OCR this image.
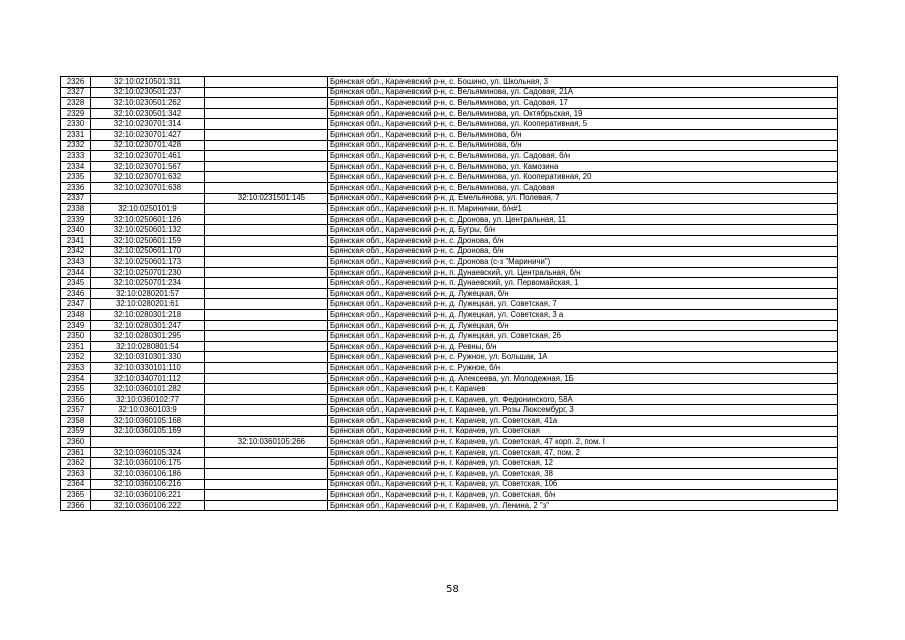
2326	32:10:0210501:311		Брянская обл., Карачевский р-н, с. Бошино, ул. Школьная, 3
2327	32:10:0230501:237		Брянская обл., Карачевский р-н, с. Вельяминова, ул. Садовая, 21А
2328	32:10:0230501:262		Брянская обл., Карачевский р-н, с. Вельяминова, ул. Садовая, 17
2329	32:10:0230501:342		Брянская обл., Карачевский р-н, с. Вельяминова, ул. Октябрьская, 19
2330	32:10:0230701:314		Брянская обл., Карачевский р-н, с. Вельяминова, ул. Кооперативная, 5
2331	32:10:0230701:427		Брянская обл., Карачевский р-н, с. Вельяминова, б/н
2332	32:10:0230701:428		Брянская обл., Карачевский р-н, с. Вельяминова, б/н
2333	32:10:0230701:461		Брянская обл., Карачевский р-н, с. Вельяминова, ул. Садовая, б/н
2334	32:10:0230701:567		Брянская обл., Карачевский р-н, с. Вельяминова, ул. Камозина
2335	32:10:0230701:632		Брянская обл., Карачевский р-н, с. Вельяминова, ул. Кооперативная, 20
2336	32:10:0230701:638		Брянская обл., Карачевский р-н, с. Вельяминова, ул. Садовая
2337		32:10:0231501:145	Брянская обл., Карачевский р-н, д. Емельянова, ул. Полевая, 7
2338	32:10:0250101:9		Брянская обл., Карачевский р-н, п. Маринички, б/н#1
2339	32:10:0250601:126		Брянская обл., Карачевский р-н, с. Дронова, ул. Центральная, 11
2340	32:10:0250601:132		Брянская обл., Карачевский р-н, д. Бугры, б/н
2341	32:10:0250601:159		Брянская обл., Карачевский р-н, с. Дронова, б/н
2342	32:10:0250601:170		Брянская обл., Карачевский р-н, с. Дронова, б/н
2343	32:10:0250601:173		Брянская обл., Карачевский р-н, с. Дронова (с-з "Мариничи")
2344	32:10:0250701:230		Брянская обл., Карачевский р-н, п. Дунаевский, ул. Центральная, б/н
2345	32:10:0250701:234		Брянская обл., Карачевский р-н, п. Дунаевский, ул. Первомайская, 1
2346	32:10:0280201:57		Брянская обл., Карачевский р-н, д. Лужецкая, б/н
2347	32:10:0280201:61		Брянская обл., Карачевский р-н, д. Лужецкая, ул. Советская, 7
2348	32:10:0280301:218		Брянская обл., Карачевский р-н, д. Лужецкая, ул. Советская, 3 а
2349	32:10:0280301:247		Брянская обл., Карачевский р-н, д. Лужецкая, б/н
2350	32:10:0280301:295		Брянская обл., Карачевский р-н, д. Лужецкая, ул. Советская, 26
2351	32:10:0280801:54		Брянская обл., Карачевский р-н, д. Ревны, б/н
2352	32:10:0310301:330		Брянская обл., Карачевский р-н, с. Ружное, ул. Большак, 1А
2353	32:10:0330101:110		Брянская обл., Карачевский р-н, с. Ружное, б/н
2354	32:10:0340701:112		Брянская обл., Карачевский р-н, д. Алексеева, ул. Молодежная, 1Б
2355	32:10:0360101:282		Брянская обл., Карачевский р-н, г. Карачев
2356	32:10:0360102:77		Брянская обл., Карачевский р-н, г. Карачев, ул. Федюнинского, 58А
2357	32:10:0360103:9		Брянская обл., Карачевский р-н, г. Карачев, ул. Розы Люксембург, 3
2358	32:10:0360105:168		Брянская обл., Карачевский р-н, г. Карачев, ул. Советская, 41а
2359	32:10:0360105:169		Брянская обл., Карачевский р-н, г. Карачев, ул. Советская
2360		32:10:0360105:266	Брянская обл., Карачевский р-н, г. Карачев, ул. Советская, 47 корп. 2, пом. I
2361	32:10:0360105:324		Брянская обл., Карачевский р-н, г. Карачев, ул. Советская, 47, пом. 2
2362	32:10:0360106:175		Брянская обл., Карачевский р-н, г. Карачев, ул. Советская, 12
2363	32:10:0360106:186		Брянская обл., Карачевский р-н, г. Карачев, ул. Советская, 38
2364	32:10:0360106:216		Брянская обл., Карачевский р-н, г. Карачев, ул. Советская, 106
2365	32:10:0360106:221		Брянская обл., Карачевский р-н, г. Карачев, ул. Советская, б/н
2366	32:10:0360106:222		Брянская обл., Карачевский р-н, г. Карачев, ул. Ленина, 2 "з"
58
